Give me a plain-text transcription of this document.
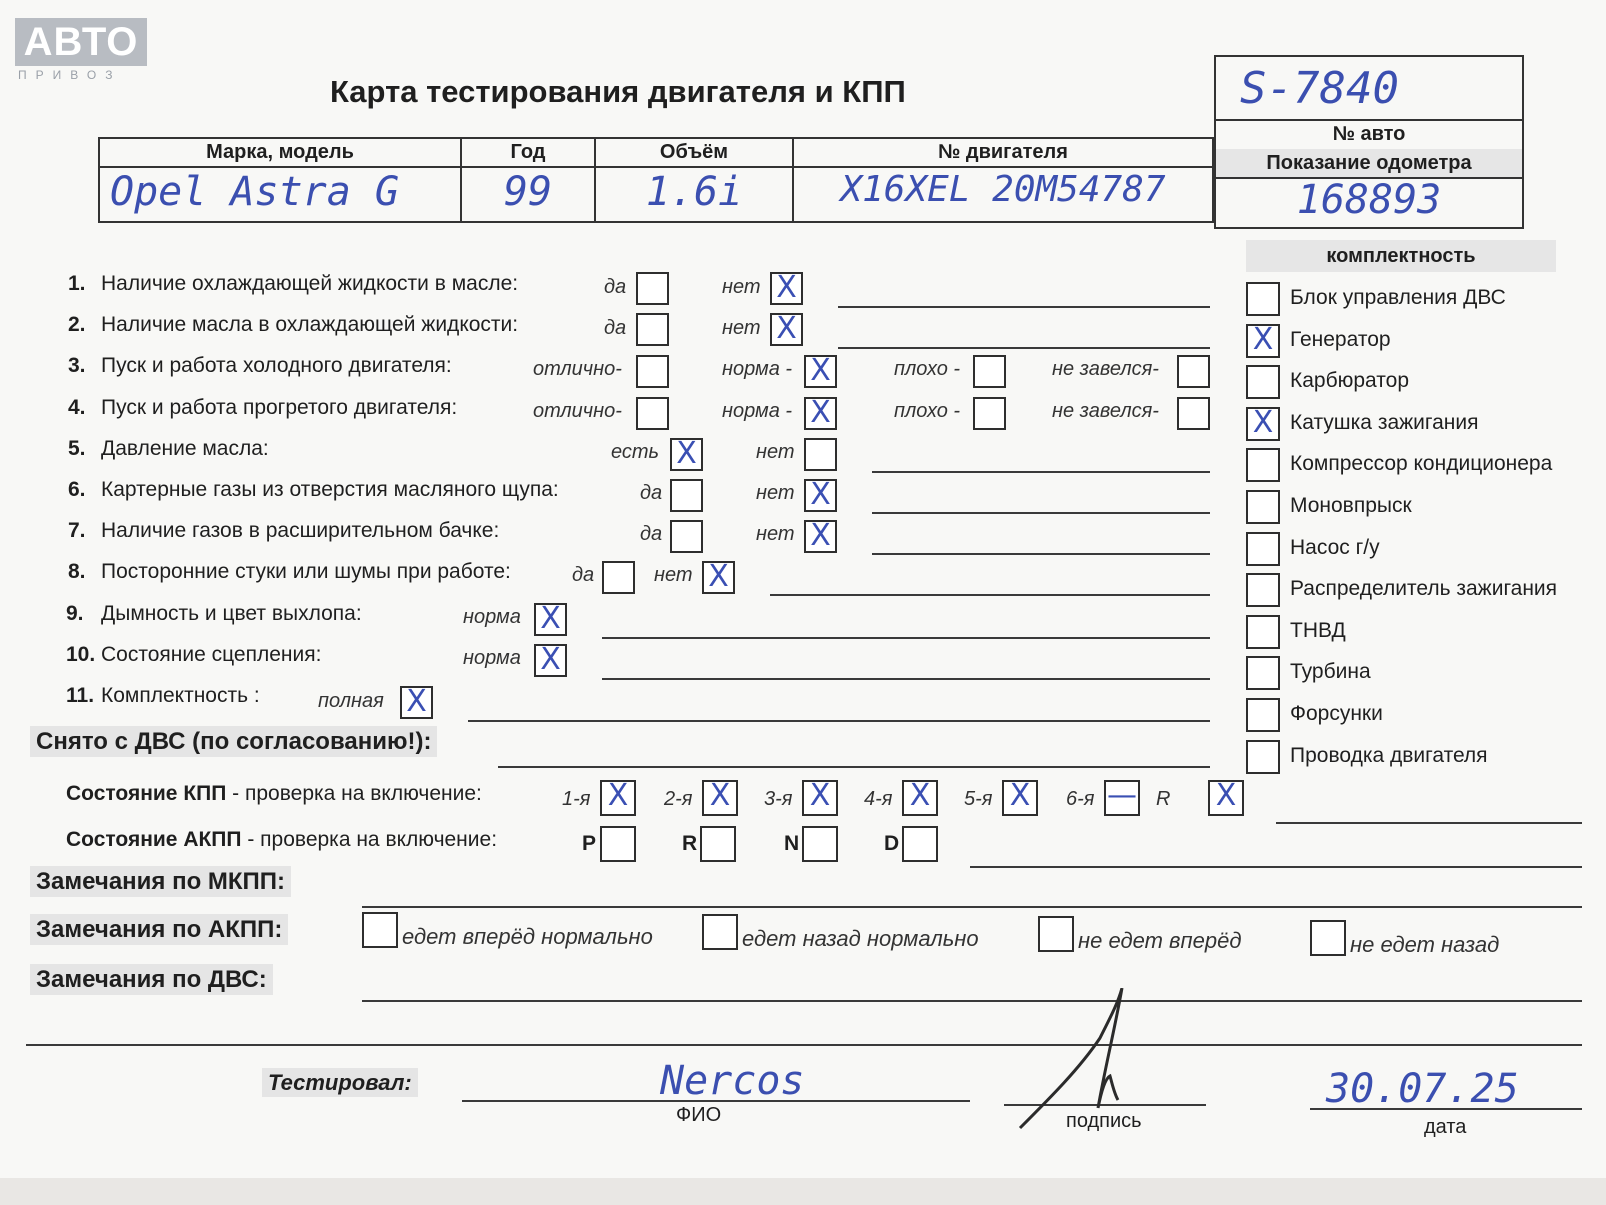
АВТО
ПРИВОЗ	Карта тестирования двигателя и КПП
Марка, модель
Opel Astra G
Год
99
Объём
1.6i
№ двигателя
X16XEL 20M54787
S-7840
№ авто
Показание одометра
168893
1. Наличие охлаждающей жидкости в масле:	да	нет X
2. Наличие масла в охлаждающей жидкости:	да	нет X
3. Пуск и работа холодного двигателя:	отлично-	норма - X	плохо -	не завелся-
4. Пуск и работа прогретого двигателя:	отлично-	норма - X	плохо -	не завелся-
5. Давление масла:	есть X	нет
6. Картерные газы из отверстия масляного щупа:	да	нет X
7. Наличие газов в расширительном бачке:	да	нет X
8. Посторонние стуки или шумы при работе:	да	нет X
9. Дымность и цвет выхлопа:	норма X
10. Состояние сцепления:	норма X
11. Комплектность :	полная X
комплектность
Блок управления ДВС
X Генератор
Карбюратор
X Катушка зажигания
Компрессор кондиционера
Моновпрыск
Насос г/у
Распределитель зажигания
ТНВД
Турбина
Форсунки
Проводка двигателя
Снято с ДВС (по согласованию!):
Состояние КПП - проверка на включение:	1-я X 2-я X 3-я X 4-я X 5-я X 6-я — R X
Состояние АКПП - проверка на включение:	P	R	N	D
Замечания по МКПП:
Замечания по АКПП:	едет вперёд нормально	едет назад нормально	не едет вперёд	не едет назад
Замечания по ДВС:
Тестировал:	Nercos
ФИО	подпись
30.07.25
дата
